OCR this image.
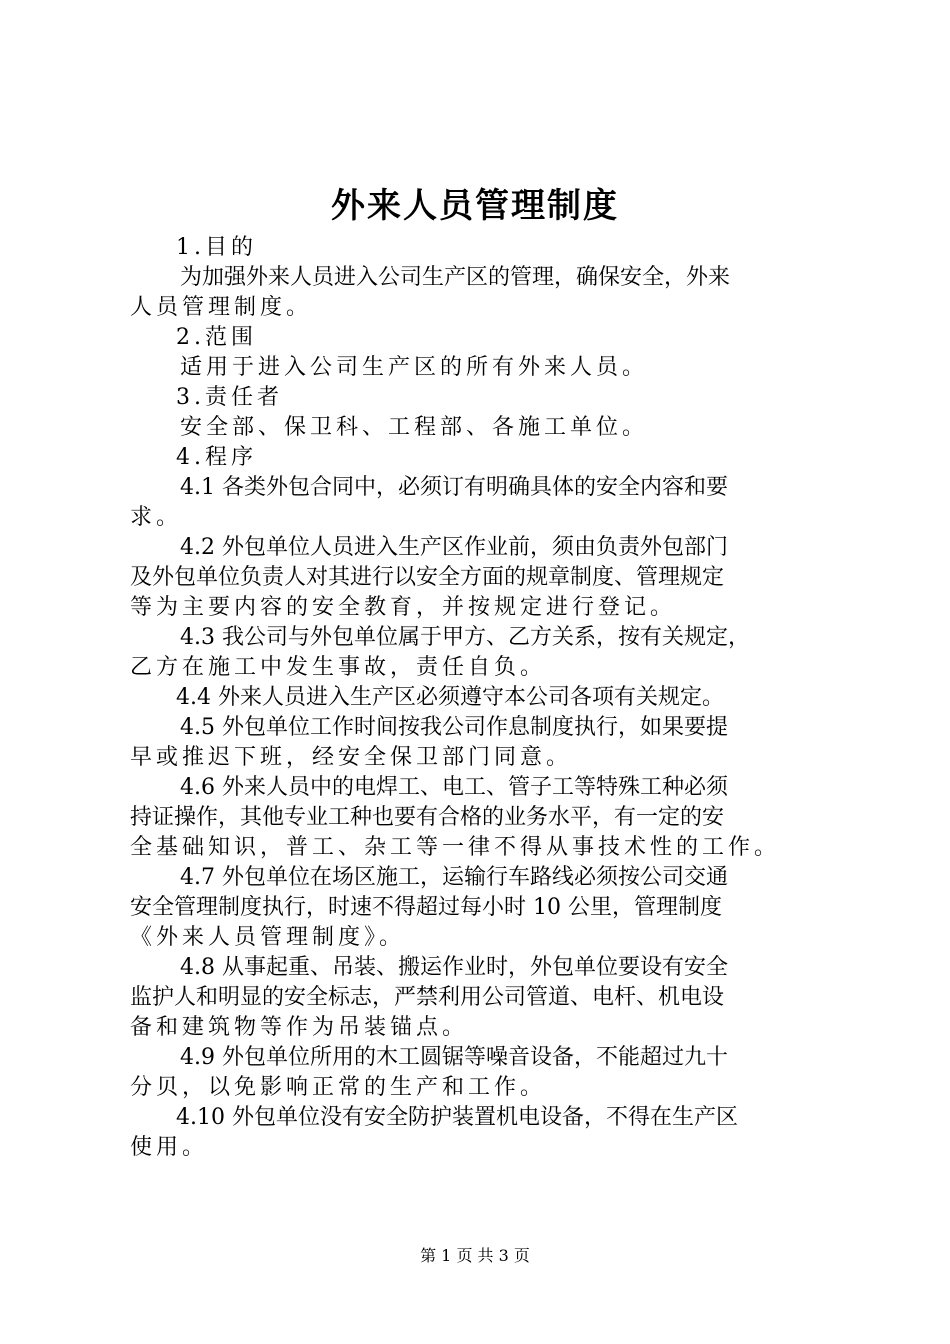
外来人员管理制度
1.目的
为加强外来人员进入公司生产区的管理，确保安全，外来
人员管理制度。
2.范围
适用于进入公司生产区的所有外来人员。
3.责任者
安全部、保卫科、工程部、各施工单位。
4.程序
4.1 各类外包合同中，必须订有明确具体的安全内容和要
求。
4.2 外包单位人员进入生产区作业前，须由负责外包部门
及外包单位负责人对其进行以安全方面的规章制度、管理规定
等为主要内容的安全教育，并按规定进行登记。
4.3 我公司与外包单位属于甲方、乙方关系，按有关规定，
乙方在施工中发生事故，责任自负。
4.4 外来人员进入生产区必须遵守本公司各项有关规定。
4.5 外包单位工作时间按我公司作息制度执行，如果要提
早或推迟下班，经安全保卫部门同意。
4.6 外来人员中的电焊工、电工、管子工等特殊工种必须
持证操作，其他专业工种也要有合格的业务水平，有一定的安
全基础知识，普工、杂工等一律不得从事技术性的工作。
4.7 外包单位在场区施工，运输行车路线必须按公司交通
安全管理制度执行，时速不得超过每小时 10 公里，管理制度
《外来人员管理制度》。
4.8 从事起重、吊装、搬运作业时，外包单位要设有安全
监护人和明显的安全标志，严禁利用公司管道、电杆、机电设
备和建筑物等作为吊装锚点。
4.9 外包单位所用的木工圆锯等噪音设备，不能超过九十
分贝，以免影响正常的生产和工作。
4.10 外包单位没有安全防护装置机电设备，不得在生产区
使用。
第 1 页 共 3 页
